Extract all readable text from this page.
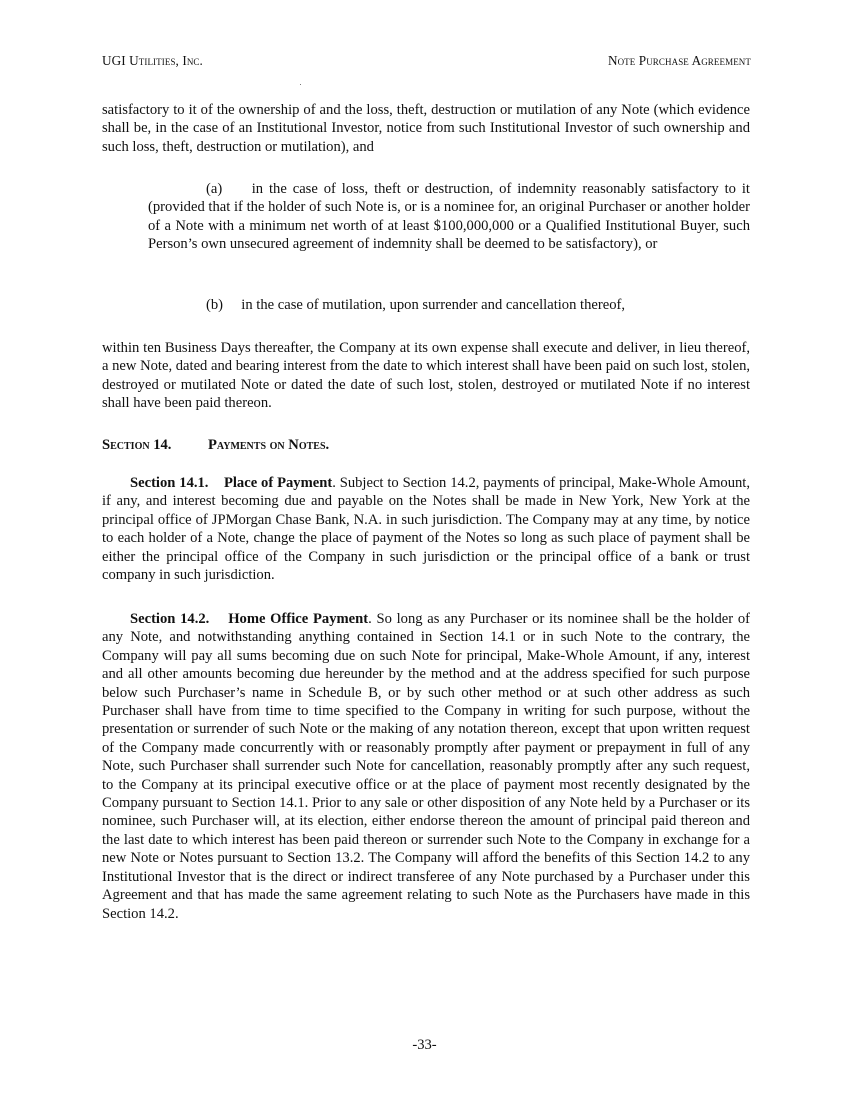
UGI Utilities, Inc.	Note Purchase Agreement

satisfactory to it of the ownership of and the loss, theft, destruction or mutilation of any Note (which evidence shall be, in the case of an Institutional Investor, notice from such Institutional Investor of such ownership and such loss, theft, destruction or mutilation), and

(a)     in the case of loss, theft or destruction, of indemnity reasonably satisfactory to it (provided that if the holder of such Note is, or is a nominee for, an original Purchaser or another holder of a Note with a minimum net worth of at least $100,000,000 or a Qualified Institutional Buyer, such Person’s own unsecured agreement of indemnity shall be deemed to be satisfactory), or

(b)     in the case of mutilation, upon surrender and cancellation thereof,

within ten Business Days thereafter, the Company at its own expense shall execute and deliver, in lieu thereof, a new Note, dated and bearing interest from the date to which interest shall have been paid on such lost, stolen, destroyed or mutilated Note or dated the date of such lost, stolen, destroyed or mutilated Note if no interest shall have been paid thereon.

Section 14.	Payments on Notes.

Section 14.1. Place of Payment. Subject to Section 14.2, payments of principal, Make-Whole Amount, if any, and interest becoming due and payable on the Notes shall be made in New York, New York at the principal office of JPMorgan Chase Bank, N.A. in such jurisdiction. The Company may at any time, by notice to each holder of a Note, change the place of payment of the Notes so long as such place of payment shall be either the principal office of the Company in such jurisdiction or the principal office of a bank or trust company in such jurisdiction.

Section 14.2. Home Office Payment. So long as any Purchaser or its nominee shall be the holder of any Note, and notwithstanding anything contained in Section 14.1 or in such Note to the contrary, the Company will pay all sums becoming due on such Note for principal, Make-Whole Amount, if any, interest and all other amounts becoming due hereunder by the method and at the address specified for such purpose below such Purchaser’s name in Schedule B, or by such other method or at such other address as such Purchaser shall have from time to time specified to the Company in writing for such purpose, without the presentation or surrender of such Note or the making of any notation thereon, except that upon written request of the Company made concurrently with or reasonably promptly after payment or prepayment in full of any Note, such Purchaser shall surrender such Note for cancellation, reasonably promptly after any such request, to the Company at its principal executive office or at the place of payment most recently designated by the Company pursuant to Section 14.1. Prior to any sale or other disposition of any Note held by a Purchaser or its nominee, such Purchaser will, at its election, either endorse thereon the amount of principal paid thereon and the last date to which interest has been paid thereon or surrender such Note to the Company in exchange for a new Note or Notes pursuant to Section 13.2. The Company will afford the benefits of this Section 14.2 to any Institutional Investor that is the direct or indirect transferee of any Note purchased by a Purchaser under this Agreement and that has made the same agreement relating to such Note as the Purchasers have made in this Section 14.2.

-33-
